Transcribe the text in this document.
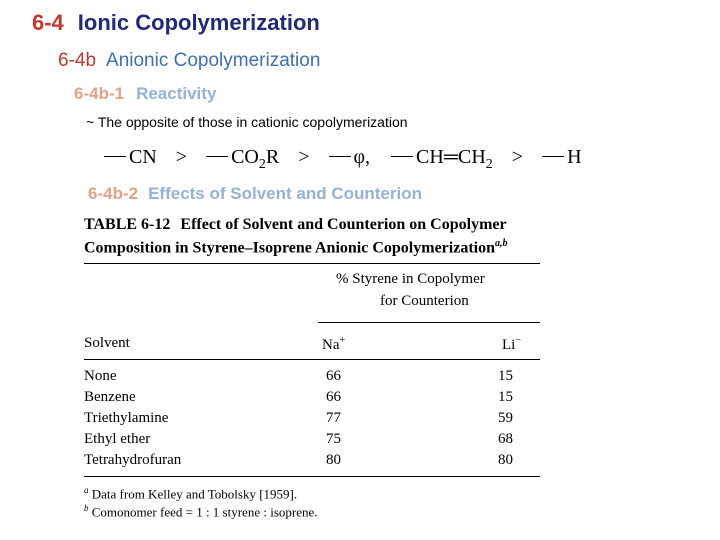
6-4 Ionic Copolymerization
6-4b Anionic Copolymerization
6-4b-1 Reactivity
~ The opposite of those in cationic copolymerization
CN > $CO_2R > \varphi$, $CH═CH_2 > H$
6-4b-2 Effects of Solvent and Counterion
TABLE 6-12 Effect of Solvent and Counterion on Copolymer
Composition in Styrene–Isoprene Anionic Copolymerization$^{a,b}$
% Styrene in Copolymer
for Counterion
Solvent	Na+	Li−
None	66	15
Benzene	66	15
Triethylamine	77	59
Ethyl ether	75	68
Tetrahydrofuran	80	80
$^a$ Data from Kelley and Tobolsky [1959].
$^b$ Comonomer feed = 1 : 1 styrene : isoprene.
